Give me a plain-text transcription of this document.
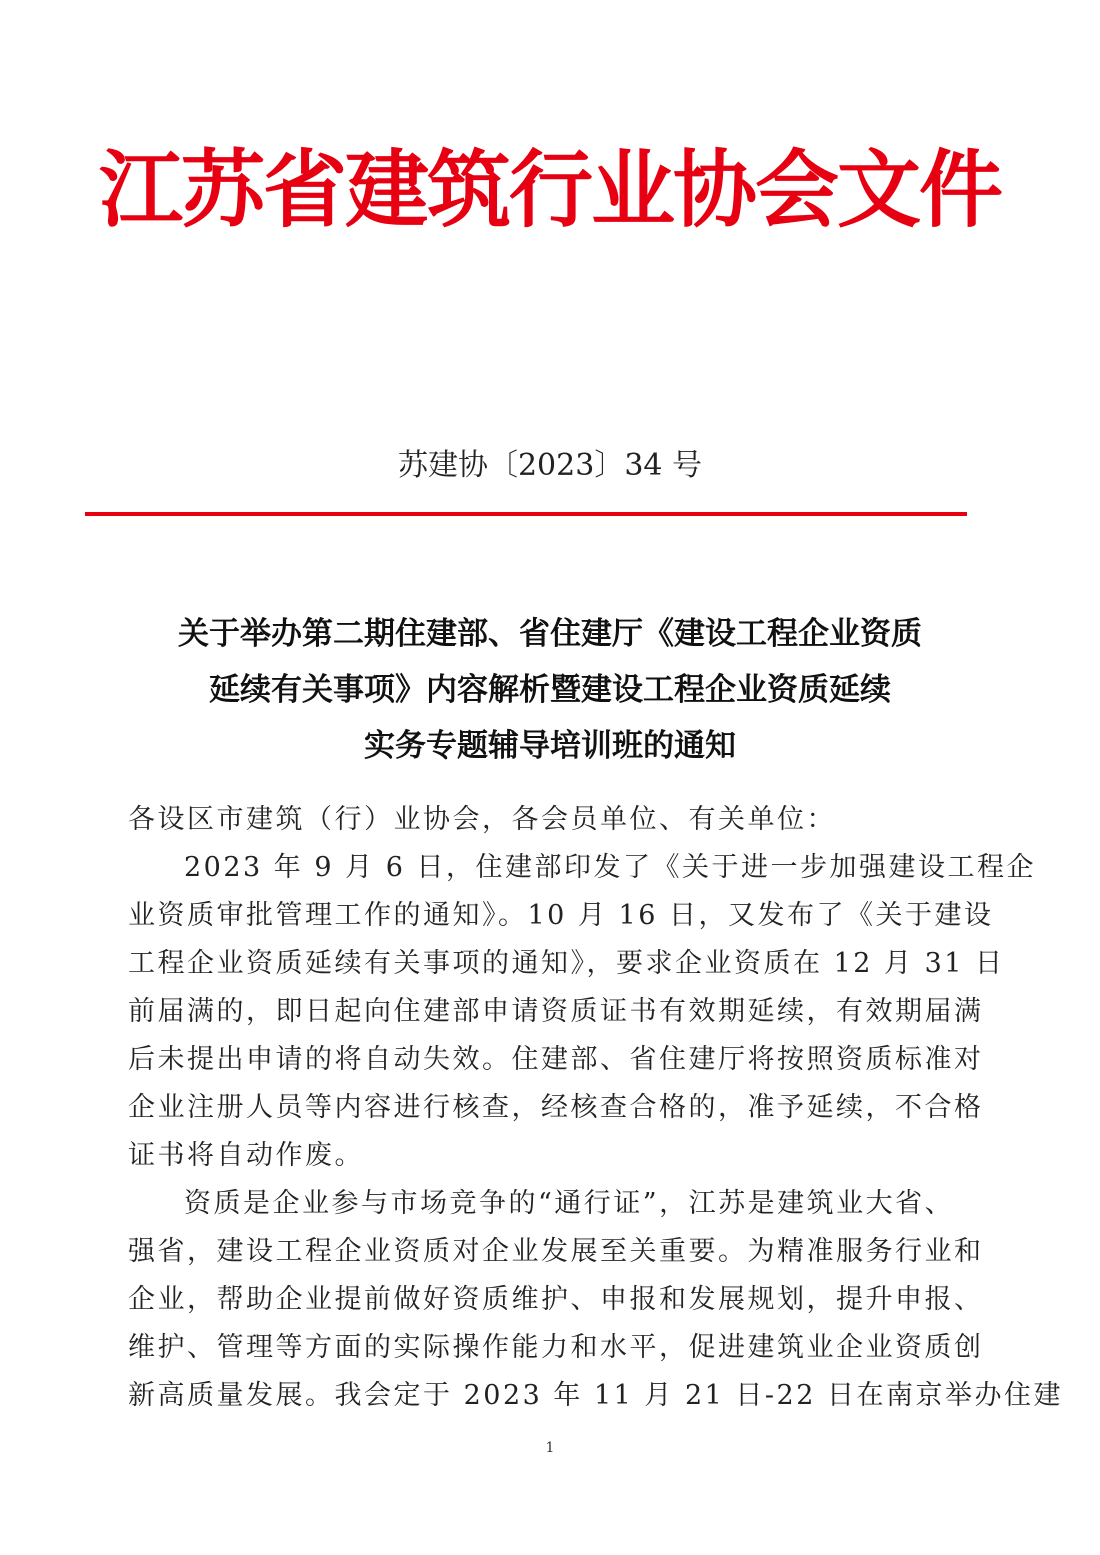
江苏省建筑行业协会文件
苏建协〔2023〕34 号
关于举办第二期住建部、省住建厅《建设工程企业资质
延续有关事项》内容解析暨建设工程企业资质延续
实务专题辅导培训班的通知
各设区市建筑（行）业协会，各会员单位、有关单位：
2023 年 9 月 6 日，住建部印发了《关于进一步加强建设工程企
业资质审批管理工作的通知》。10 月 16 日，又发布了《关于建设
工程企业资质延续有关事项的通知》，要求企业资质在 12 月 31 日
前届满的，即日起向住建部申请资质证书有效期延续，有效期届满
后未提出申请的将自动失效。住建部、省住建厅将按照资质标准对
企业注册人员等内容进行核查，经核查合格的，准予延续，不合格
证书将自动作废。
资质是企业参与市场竞争的“通行证”，江苏是建筑业大省、
强省，建设工程企业资质对企业发展至关重要。为精准服务行业和
企业，帮助企业提前做好资质维护、申报和发展规划，提升申报、
维护、管理等方面的实际操作能力和水平，促进建筑业企业资质创
新高质量发展。我会定于 2023 年 11 月 21 日-22 日在南京举办住建
1
